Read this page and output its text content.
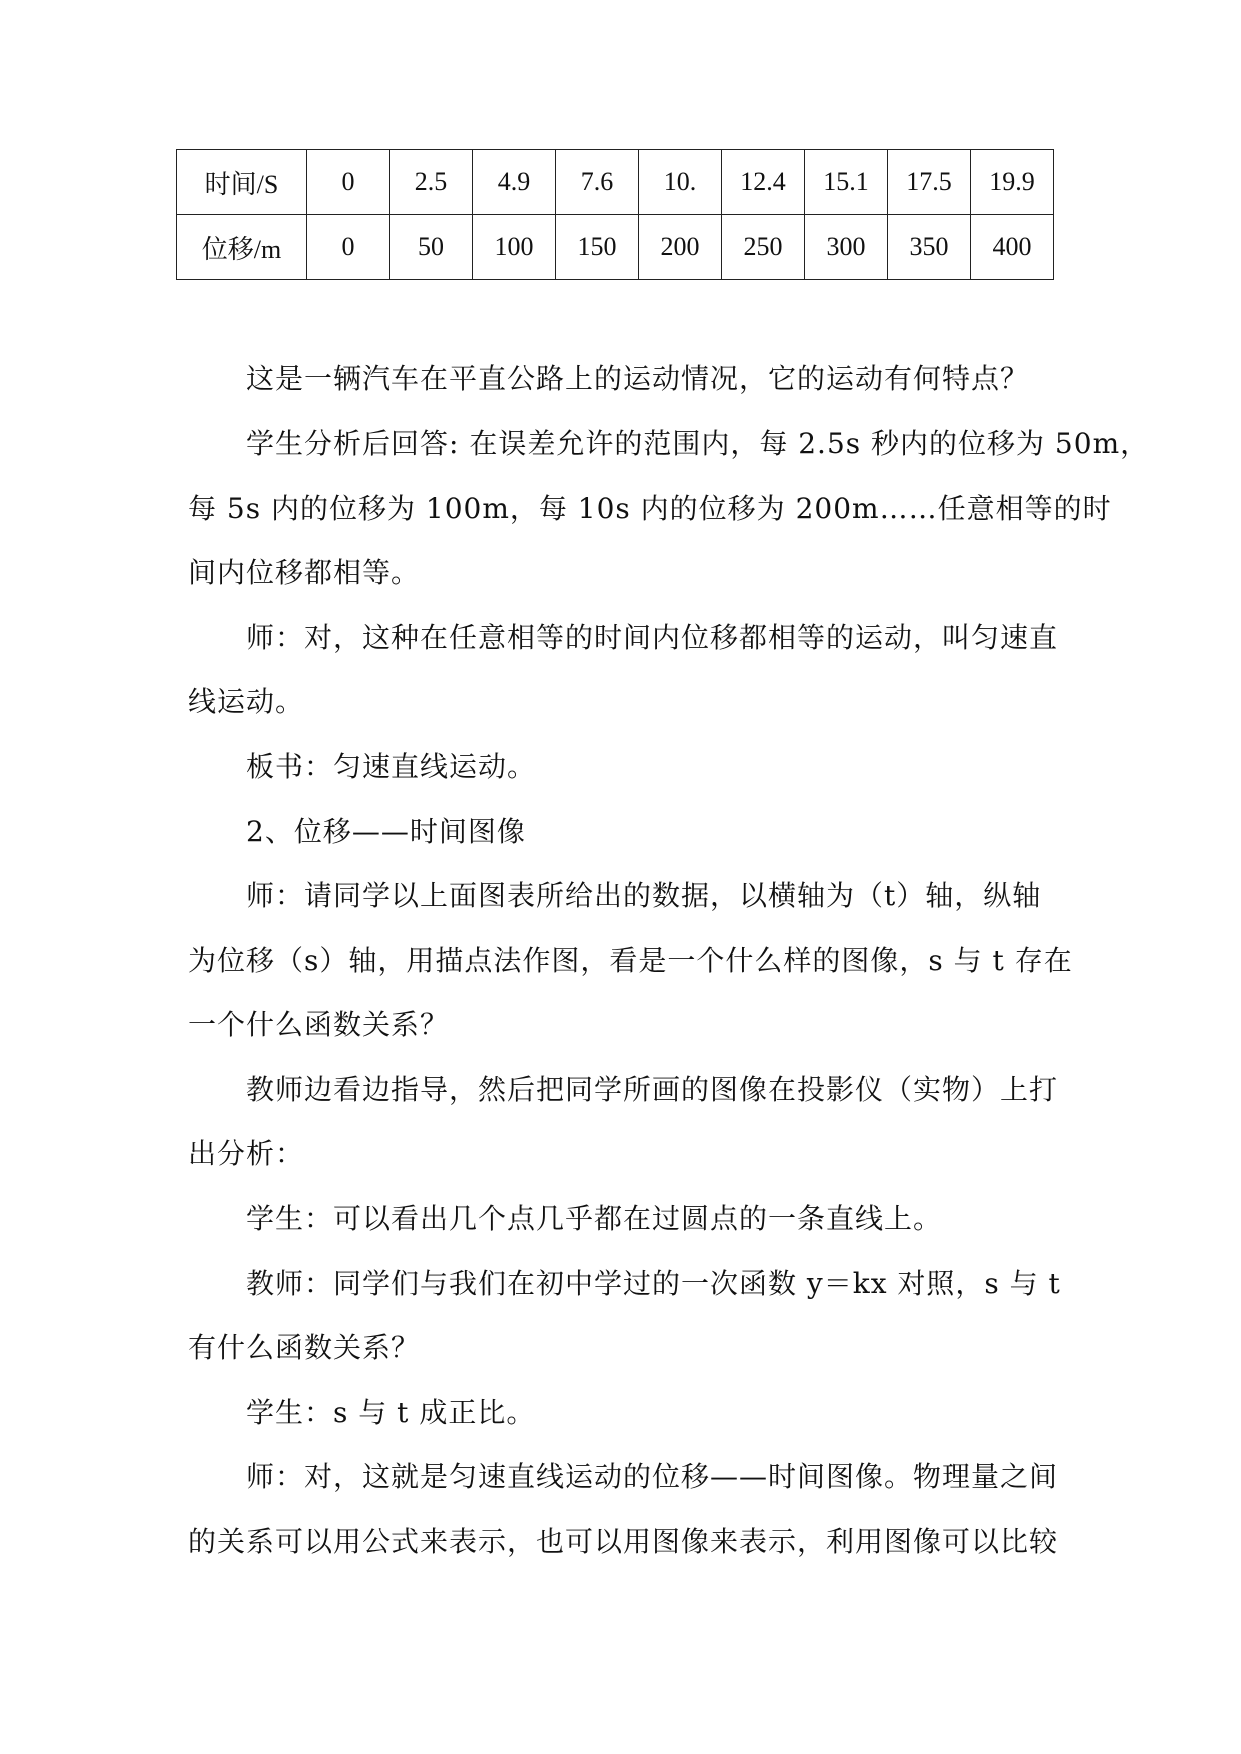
时间/S	0	2.5	4.9	7.6	10.	12.4	15.1	17.5	19.9
位移/m	0	50	100	150	200	250	300	350	400
这是一辆汽车在平直公路上的运动情况，它的运动有何特点？
学生分析后回答: 在误差允许的范围内，每 2.5s 秒内的位移为 50m，
每 5s 内的位移为 100m，每 10s 内的位移为 200m……任意相等的时
间内位移都相等。
师：对，这种在任意相等的时间内位移都相等的运动，叫匀速直
线运动。
板书：匀速直线运动。
2、位移——时间图像
师：请同学以上面图表所给出的数据，以横轴为（t）轴，纵轴
为位移（s）轴，用描点法作图，看是一个什么样的图像，s 与 t 存在
一个什么函数关系？
教师边看边指导，然后把同学所画的图像在投影仪（实物）上打
出分析：
学生：可以看出几个点几乎都在过圆点的一条直线上。
教师：同学们与我们在初中学过的一次函数 y＝kx 对照，s 与 t
有什么函数关系？
学生：s 与 t 成正比。
师：对，这就是匀速直线运动的位移——时间图像。物理量之间
的关系可以用公式来表示，也可以用图像来表示，利用图像可以比较
